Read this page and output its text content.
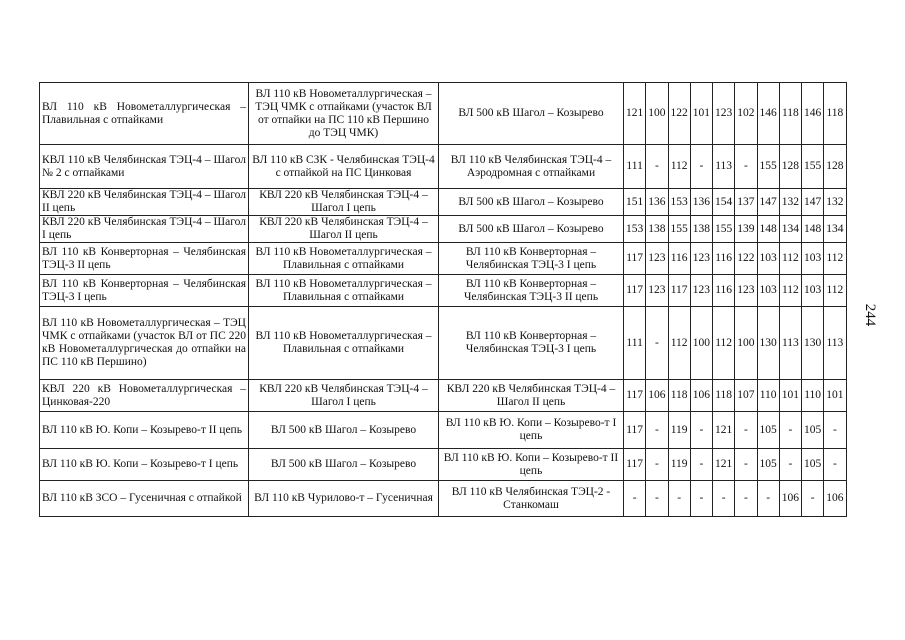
244
ВЛ 110 кВ Новометаллургическая – Плавильная с отпайками	ВЛ 110 кВ Новометаллургическая – ТЭЦ ЧМК с отпайками (участок ВЛ от отпайки на ПС 110 кВ Першино до ТЭЦ ЧМК)	ВЛ 500 кВ Шагол – Козырево	121	100	122	101	123	102	146	118	146	118
КВЛ 110 кВ Челябинская ТЭЦ-4 – Шагол № 2 с отпайками	ВЛ 110 кВ СЗК - Челябинская ТЭЦ-4 с отпайкой на ПС Цинковая	ВЛ 110 кВ Челябинская ТЭЦ-4 – Аэродромная с отпайками	111	-	112	-	113	-	155	128	155	128
КВЛ 220 кВ Челябинская ТЭЦ-4 – Шагол II цепь	КВЛ 220 кВ Челябинская ТЭЦ-4 – Шагол I цепь	ВЛ 500 кВ Шагол – Козырево	151	136	153	136	154	137	147	132	147	132
КВЛ 220 кВ Челябинская ТЭЦ-4 – Шагол I цепь	КВЛ 220 кВ Челябинская ТЭЦ-4 – Шагол II цепь	ВЛ 500 кВ Шагол – Козырево	153	138	155	138	155	139	148	134	148	134
ВЛ 110 кВ Конверторная – Челябинская ТЭЦ-3 II цепь	ВЛ 110 кВ Новометаллургическая – Плавильная с отпайками	ВЛ 110 кВ Конверторная – Челябинская ТЭЦ-3 I цепь	117	123	116	123	116	122	103	112	103	112
ВЛ 110 кВ Конверторная – Челябинская ТЭЦ-3 I цепь	ВЛ 110 кВ Новометаллургическая – Плавильная с отпайками	ВЛ 110 кВ Конверторная – Челябинская ТЭЦ-3 II цепь	117	123	117	123	116	123	103	112	103	112
ВЛ 110 кВ Новометаллургическая – ТЭЦ ЧМК с отпайками (участок ВЛ от ПС 220 кВ Новометаллургическая до отпайки на ПС 110 кВ Першино)	ВЛ 110 кВ Новометаллургическая – Плавильная с отпайками	ВЛ 110 кВ Конверторная – Челябинская ТЭЦ-3 I цепь	111	-	112	100	112	100	130	113	130	113
КВЛ 220 кВ Новометаллургическая – Цинковая-220	КВЛ 220 кВ Челябинская ТЭЦ-4 – Шагол I цепь	КВЛ 220 кВ Челябинская ТЭЦ-4 – Шагол II цепь	117	106	118	106	118	107	110	101	110	101
ВЛ 110 кВ Ю. Копи – Козырево-т II цепь	ВЛ 500 кВ Шагол – Козырево	ВЛ 110 кВ Ю. Копи – Козырево-т I цепь	117	-	119	-	121	-	105	-	105	-
ВЛ 110 кВ Ю. Копи – Козырево-т I цепь	ВЛ 500 кВ Шагол – Козырево	ВЛ 110 кВ Ю. Копи – Козырево-т II цепь	117	-	119	-	121	-	105	-	105	-
ВЛ 110 кВ ЗСО – Гусеничная с отпайкой	ВЛ 110 кВ Чурилово-т – Гусеничная	ВЛ 110 кВ Челябинская ТЭЦ-2 - Станкомаш	-	-	-	-	-	-	-	106	-	106
